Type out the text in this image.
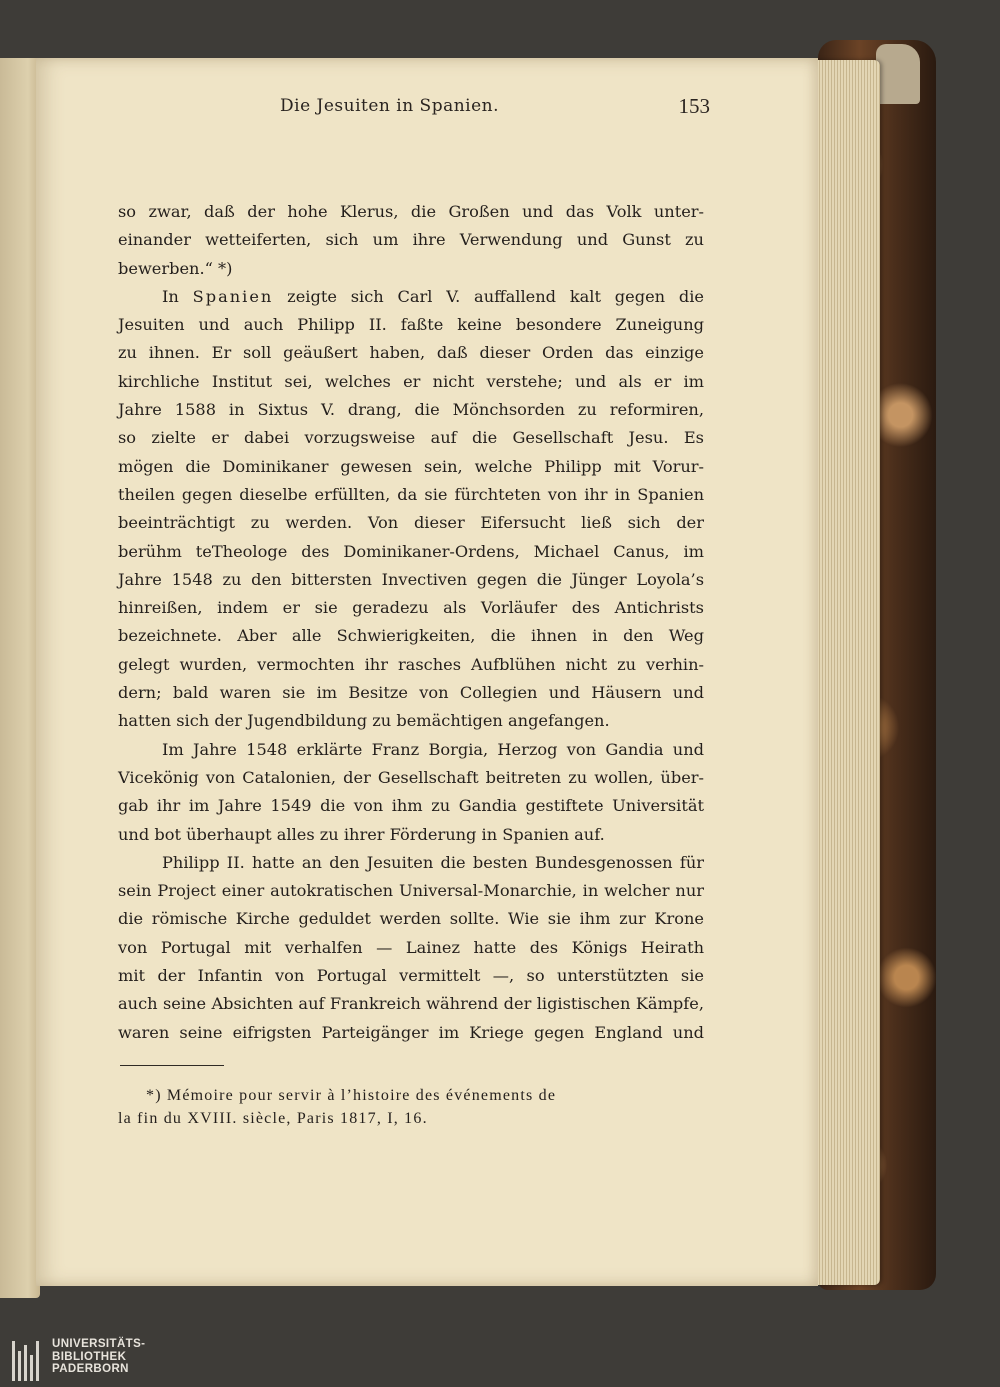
Die Jesuiten in Spanien.	153

so zwar, daß der hohe Klerus, die Großen und das Volk unter-

einander wetteiferten, sich um ihre Verwendung und Gunst zu

bewerben.“ *)

In Spanien zeigte sich Carl V. auffallend kalt gegen die

Jesuiten und auch Philipp II. faßte keine besondere Zuneigung

zu ihnen. Er soll geäußert haben, daß dieser Orden das einzige

kirchliche Institut sei, welches er nicht verstehe; und als er im

Jahre 1588 in Sixtus V. drang, die Mönchsorden zu reformiren,

so zielte er dabei vorzugsweise auf die Gesellschaft Jesu. Es

mögen die Dominikaner gewesen sein, welche Philipp mit Vorur-

theilen gegen dieselbe erfüllten, da sie fürchteten von ihr in Spanien

beeinträchtigt zu werden. Von dieser Eifersucht ließ sich der

berühm teTheologe des Dominikaner-Ordens, Michael Canus, im

Jahre 1548 zu den bittersten Invectiven gegen die Jünger Loyola’s

hinreißen, indem er sie geradezu als Vorläufer des Antichrists

bezeichnete. Aber alle Schwierigkeiten, die ihnen in den Weg

gelegt wurden, vermochten ihr rasches Aufblühen nicht zu verhin-

dern; bald waren sie im Besitze von Collegien und Häusern und

hatten sich der Jugendbildung zu bemächtigen angefangen.

Im Jahre 1548 erklärte Franz Borgia, Herzog von Gandia und

Vicekönig von Catalonien, der Gesellschaft beitreten zu wollen, über-

gab ihr im Jahre 1549 die von ihm zu Gandia gestiftete Universität

und bot überhaupt alles zu ihrer Förderung in Spanien auf.

Philipp II. hatte an den Jesuiten die besten Bundesgenossen für

sein Project einer autokratischen Universal-Monarchie, in welcher nur

die römische Kirche geduldet werden sollte. Wie sie ihm zur Krone

von Portugal mit verhalfen — Lainez hatte des Königs Heirath

mit der Infantin von Portugal vermittelt —, so unterstützten sie

auch seine Absichten auf Frankreich während der ligistischen Kämpfe,

waren seine eifrigsten Parteigänger im Kriege gegen England und

*) Mémoire pour servir à l’histoire des événements de

la fin du XVIII. siècle, Paris 1817, I, 16.
UNIVERSITÄTS-
BIBLIOTHEK
PADERBORN
